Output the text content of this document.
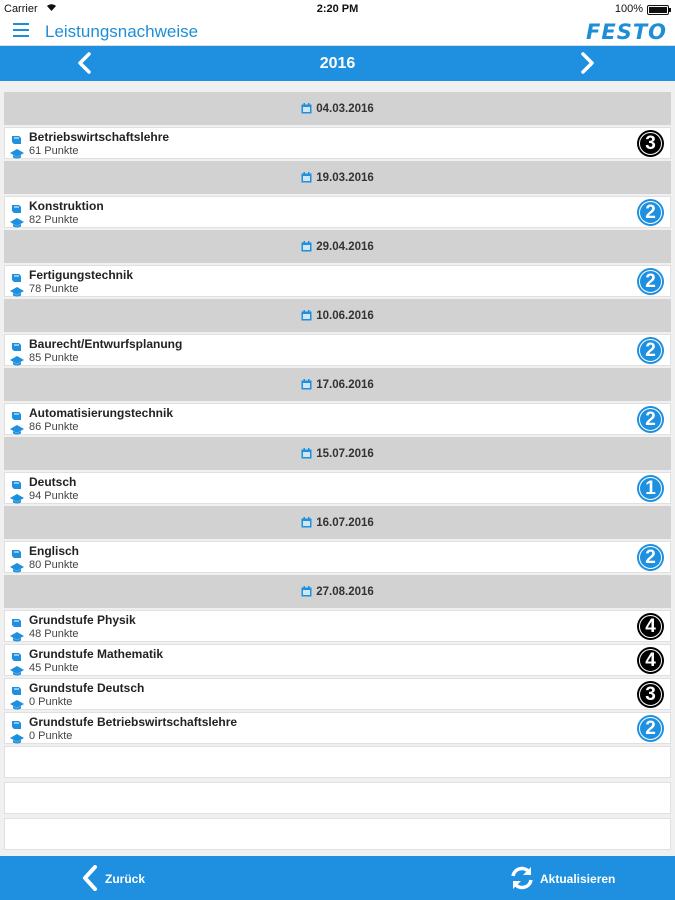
Carrier	2:20 PM	100%
Leistungsnachweise	FESTO
2016
04.03.2016
Betriebswirtschaftslehre
61 Punkte	3
19.03.2016
Konstruktion
82 Punkte	2
29.04.2016
Fertigungstechnik
78 Punkte	2
10.06.2016
Baurecht/Entwurfsplanung
85 Punkte	2
17.06.2016
Automatisierungstechnik
86 Punkte	2
15.07.2016
Deutsch
94 Punkte	1
16.07.2016
Englisch
80 Punkte	2
27.08.2016
Grundstufe Physik
48 Punkte	4
Grundstufe Mathematik
45 Punkte	4
Grundstufe Deutsch
0 Punkte	3
Grundstufe Betriebswirtschaftslehre
0 Punkte	2
Zurück	Aktualisieren
